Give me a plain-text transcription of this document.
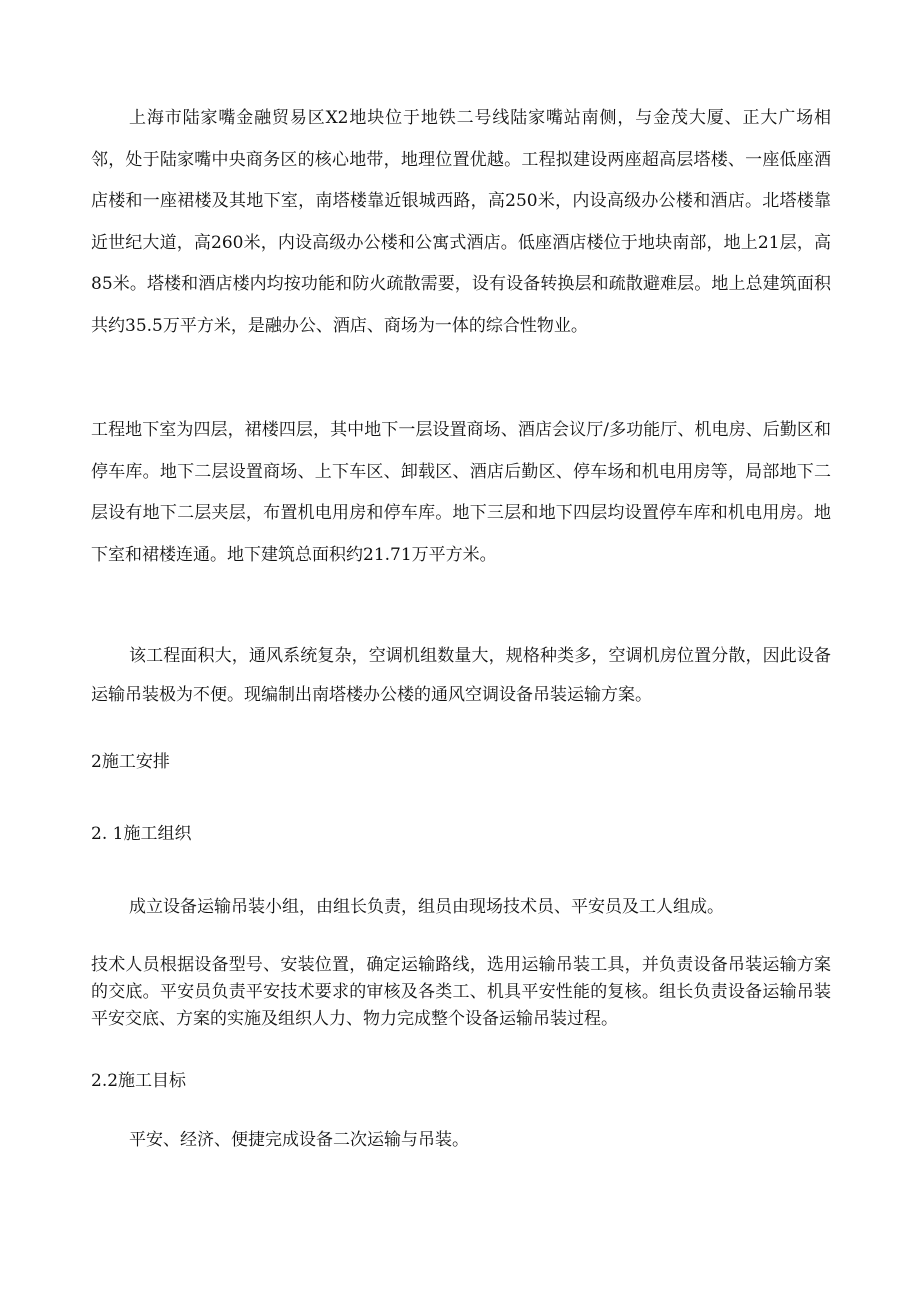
上海市陆家嘴金融贸易区X2地块位于地铁二号线陆家嘴站南侧，与金茂大厦、正大广场相邻，处于陆家嘴中央商务区的核心地带，地理位置优越。工程拟建设两座超高层塔楼、一座低座酒店楼和一座裙楼及其地下室，南塔楼靠近银城西路，高250米，内设高级办公楼和酒店。北塔楼靠近世纪大道，高260米，内设高级办公楼和公寓式酒店。低座酒店楼位于地块南部，地上21层，高85米。塔楼和酒店楼内均按功能和防火疏散需要，设有设备转换层和疏散避难层。地上总建筑面积共约35.5万平方米，是融办公、酒店、商场为一体的综合性物业。

工程地下室为四层，裙楼四层，其中地下一层设置商场、酒店会议厅/多功能厅、机电房、后勤区和停车库。地下二层设置商场、上下车区、卸载区、酒店后勤区、停车场和机电用房等，局部地下二层设有地下二层夹层，布置机电用房和停车库。地下三层和地下四层均设置停车库和机电用房。地下室和裙楼连通。地下建筑总面积约21.71万平方米。

该工程面积大，通风系统复杂，空调机组数量大，规格种类多，空调机房位置分散，因此设备运输吊装极为不便。现编制出南塔楼办公楼的通风空调设备吊装运输方案。

2施工安排
2. 1施工组织

成立设备运输吊装小组，由组长负责，组员由现场技术员、平安员及工人组成。

技术人员根据设备型号、安装位置，确定运输路线，选用运输吊装工具，并负责设备吊装运输方案的交底。平安员负责平安技术要求的审核及各类工、机具平安性能的复核。组长负责设备运输吊装平安交底、方案的实施及组织人力、物力完成整个设备运输吊装过程。

2.2施工目标

平安、经济、便捷完成设备二次运输与吊装。
